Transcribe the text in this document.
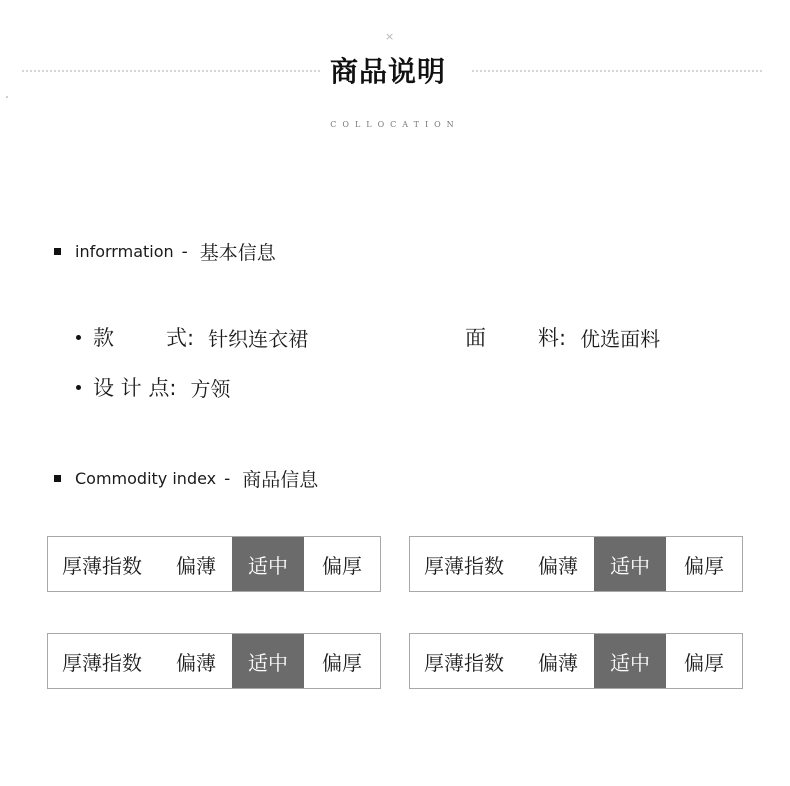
×
商品说明
COLLOCATION
inforrmation - 基本信息
款 式: 针织连衣裙	面 料: 优选面料
设 计 点: 方领
Commodity index - 商品信息
厚薄指数	偏薄	适中	偏厚	厚薄指数	偏薄	适中	偏厚
厚薄指数	偏薄	适中	偏厚	厚薄指数	偏薄	适中	偏厚
